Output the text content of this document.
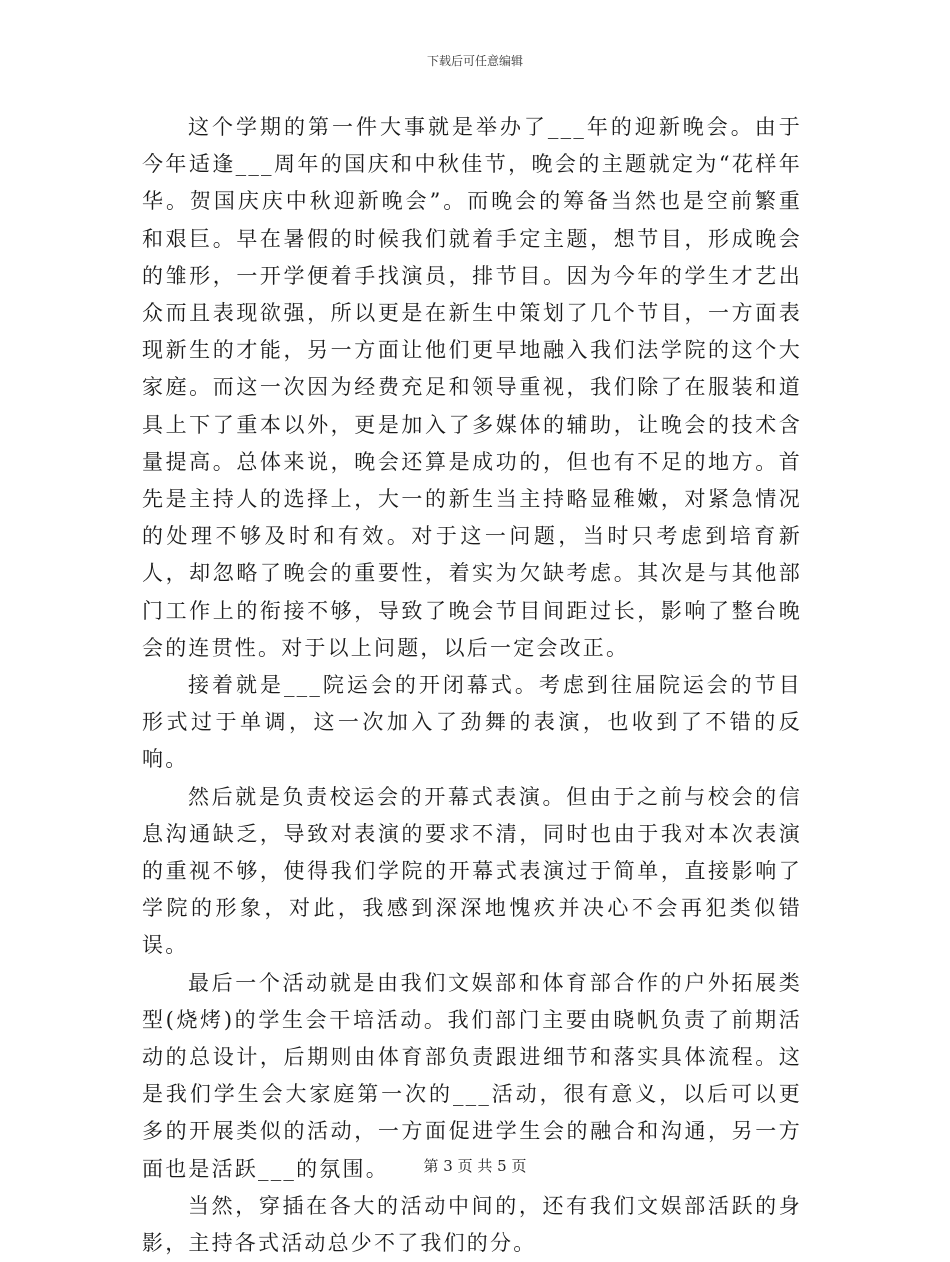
下载后可任意编辑

这个学期的第一件大事就是举办了___年的迎新晚会。由于今年适逢___周年的国庆和中秋佳节，晚会的主题就定为“花样年华。贺国庆庆中秋迎新晚会”。而晚会的筹备当然也是空前繁重和艰巨。早在暑假的时候我们就着手定主题，想节目，形成晚会的雏形，一开学便着手找演员，排节目。因为今年的学生才艺出众而且表现欲强，所以更是在新生中策划了几个节目，一方面表现新生的才能，另一方面让他们更早地融入我们法学院的这个大家庭。而这一次因为经费充足和领导重视，我们除了在服装和道具上下了重本以外，更是加入了多媒体的辅助，让晚会的技术含量提高。总体来说，晚会还算是成功的，但也有不足的地方。首先是主持人的选择上，大一的新生当主持略显稚嫩，对紧急情况的处理不够及时和有效。对于这一问题，当时只考虑到培育新人，却忽略了晚会的重要性，着实为欠缺考虑。其次是与其他部门工作上的衔接不够，导致了晚会节目间距过长，影响了整台晚会的连贯性。对于以上问题，以后一定会改正。

接着就是___院运会的开闭幕式。考虑到往届院运会的节目形式过于单调，这一次加入了劲舞的表演，也收到了不错的反响。

然后就是负责校运会的开幕式表演。但由于之前与校会的信息沟通缺乏，导致对表演的要求不清，同时也由于我对本次表演的重视不够，使得我们学院的开幕式表演过于简单，直接影响了学院的形象，对此，我感到深深地愧疚并决心不会再犯类似错误。

最后一个活动就是由我们文娱部和体育部合作的户外拓展类型(烧烤)的学生会干培活动。我们部门主要由晓帆负责了前期活动的总设计，后期则由体育部负责跟进细节和落实具体流程。这是我们学生会大家庭第一次的___活动，很有意义，以后可以更多的开展类似的活动，一方面促进学生会的融合和沟通，另一方面也是活跃___的氛围。

当然，穿插在各大的活动中间的，还有我们文娱部活跃的身影，主持各式活动总少不了我们的分。

第 3 页 共 5 页
